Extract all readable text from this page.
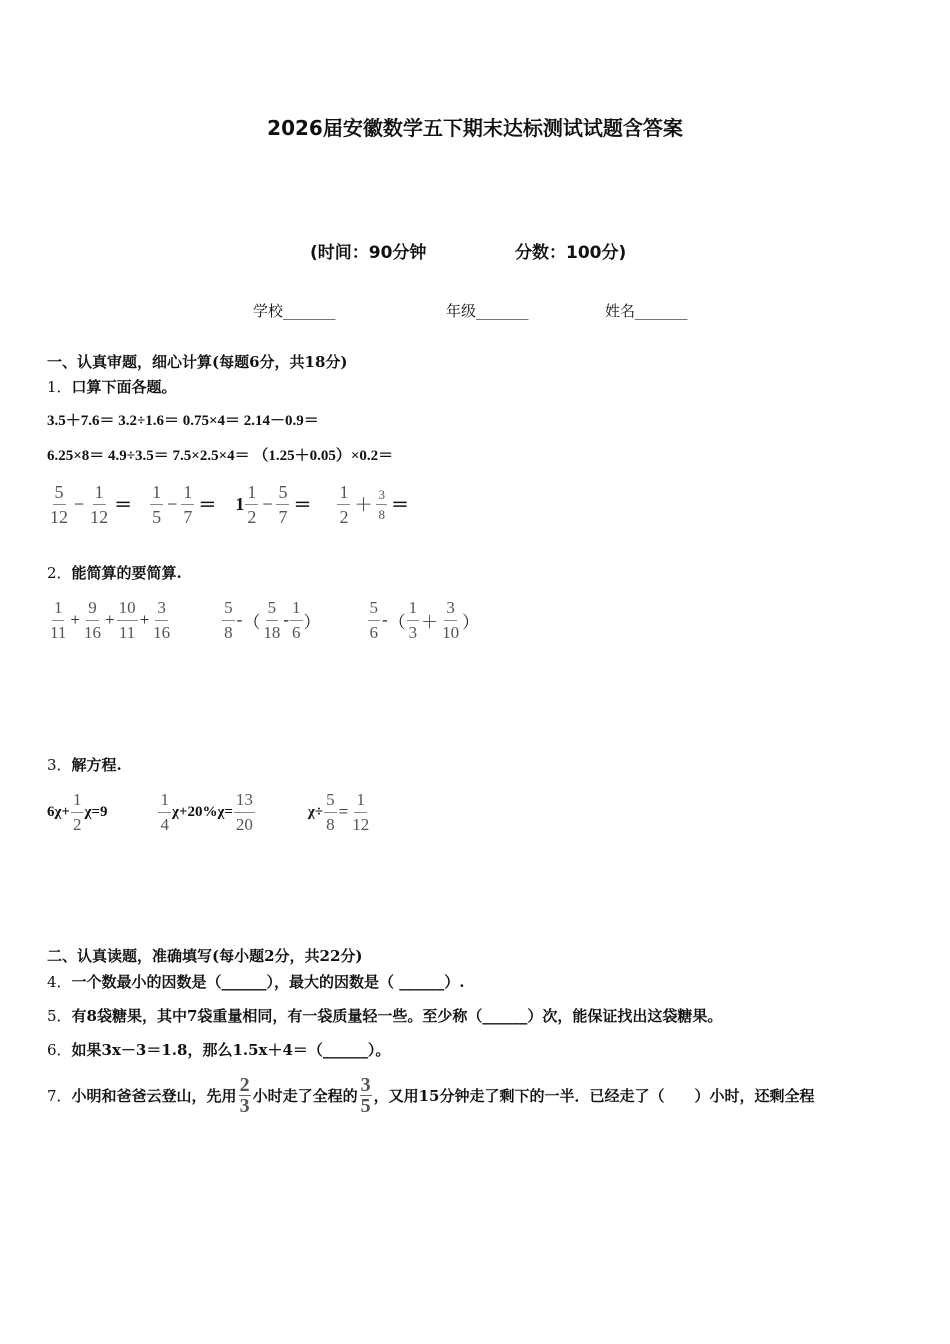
2026届安徽数学五下期末达标测试试题含答案
(时间：90分钟	分数：100分)
学校_______	年级_______	姓名_______
一、认真审题，细心计算(每题6分，共18分)
1．口算下面各题。
3.5＋7.6＝ 3.2÷1.6＝ 0.75×4＝ 2.14－0.9＝
6.25×8＝ 4.9÷3.5＝ 7.5×2.5×4＝ （1.25＋0.05）×0.2＝
$\frac{5}{12} - \frac{1}{12} = \frac{1}{5} - \frac{1}{7} = 1 \frac{1}{2} - \frac{5}{7} = \frac{1}{2} + \frac{3}{8}$ ＝
2．能简算的要简算.
$\frac{1}{11} + \frac{9}{16} + \frac{10}{11} + \frac{3}{16}$	$\frac{5}{8}$ - （ $\frac{5}{18} - \frac{1}{6}$ ）	$\frac{5}{6}$ - （ $\frac{1}{3} + \frac{3}{10}$ ）
3．解方程.
$6\chi+ \frac{1}{2} \chi=9$	$\frac{1}{4} \chi+20\%\chi= \frac{13}{20}$	$\chi\div \frac{5}{8} = \frac{1}{12}$
二、认真读题，准确填写(每小题2分，共22分)
4．一个数最小的因数是（______），最大的因数是（ ______）.
5．有8袋糖果，其中7袋重量相同，有一袋质量轻一些。至少称（______）次，能保证找出这袋糖果。
6．如果3x－3＝1.8，那么1.5x＋4＝（______）。
7． 小明和爸爸云登山，先用 $\frac{2}{3}$ 小时走了全程的 $\frac{3}{5}$ ，又用15分钟走了剩下的一半．已经走了（　　）小时，还剩全程
